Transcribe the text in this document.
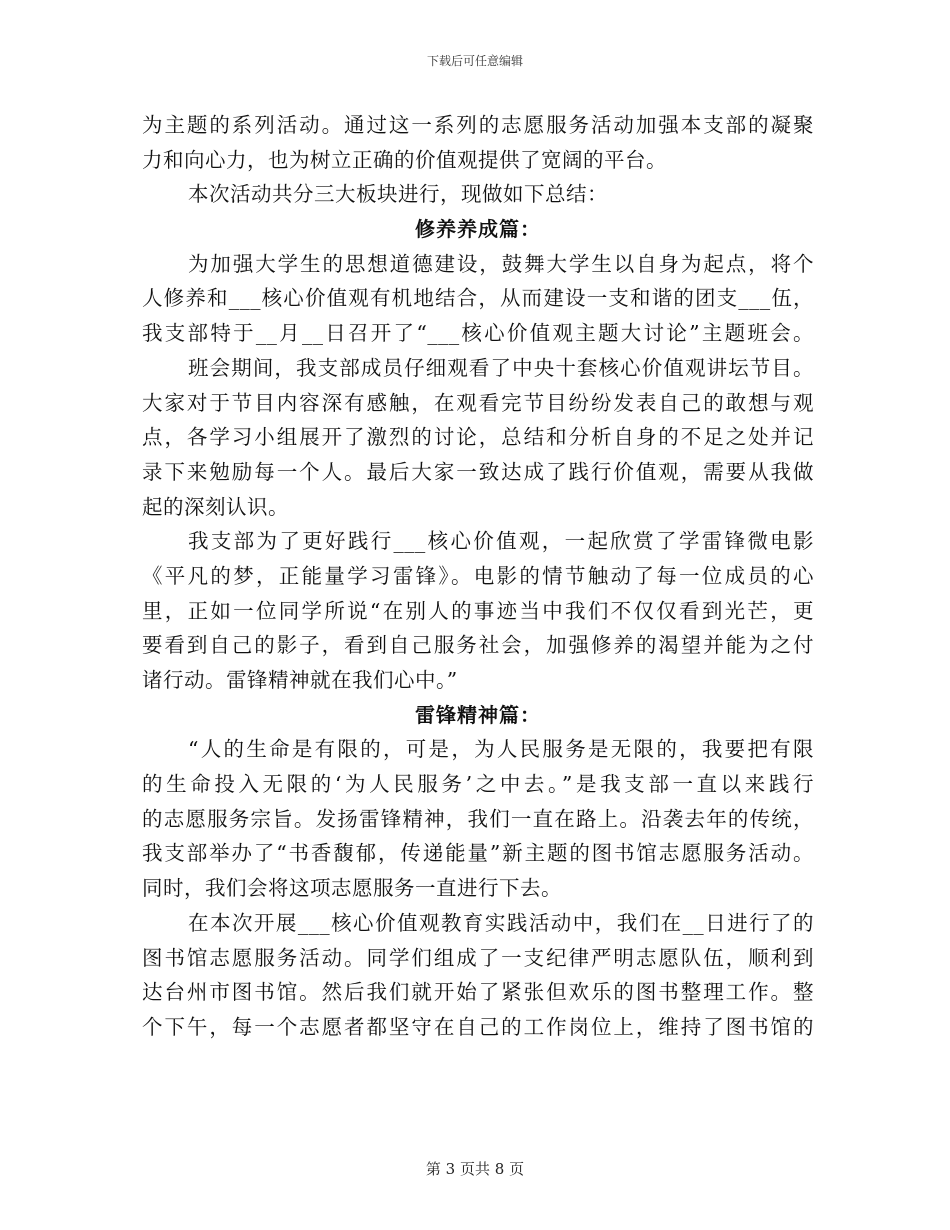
下载后可任意编辑
为主题的系列活动。通过这一系列的志愿服务活动加强本支部的凝聚
力和向心力，也为树立正确的价值观提供了宽阔的平台。
本次活动共分三大板块进行，现做如下总结：
修养养成篇：
为加强大学生的思想道德建设，鼓舞大学生以自身为起点，将个
人修养和___核心价值观有机地结合，从而建设一支和谐的团支___伍，
我支部特于__月__日召开了“___核心价值观主题大讨论”主题班会。
班会期间，我支部成员仔细观看了中央十套核心价值观讲坛节目。
大家对于节目内容深有感触，在观看完节目纷纷发表自己的敢想与观
点，各学习小组展开了激烈的讨论，总结和分析自身的不足之处并记
录下来勉励每一个人。最后大家一致达成了践行价值观，需要从我做
起的深刻认识。
我支部为了更好践行___核心价值观，一起欣赏了学雷锋微电影
《平凡的梦，正能量学习雷锋》。电影的情节触动了每一位成员的心
里，正如一位同学所说“在别人的事迹当中我们不仅仅看到光芒，更
要看到自己的影子，看到自己服务社会，加强修养的渴望并能为之付
诸行动。雷锋精神就在我们心中。”
雷锋精神篇：
“人的生命是有限的，可是，为人民服务是无限的，我要把有限
的生命投入无限的‘为人民服务’之中去。”是我支部一直以来践行
的志愿服务宗旨。发扬雷锋精神，我们一直在路上。沿袭去年的传统，
我支部举办了“书香馥郁，传递能量”新主题的图书馆志愿服务活动。
同时，我们会将这项志愿服务一直进行下去。
在本次开展___核心价值观教育实践活动中，我们在__日进行了的
图书馆志愿服务活动。同学们组成了一支纪律严明志愿队伍，顺利到
达台州市图书馆。然后我们就开始了紧张但欢乐的图书整理工作。整
个下午，每一个志愿者都坚守在自己的工作岗位上，维持了图书馆的
第 3 页共 8 页
